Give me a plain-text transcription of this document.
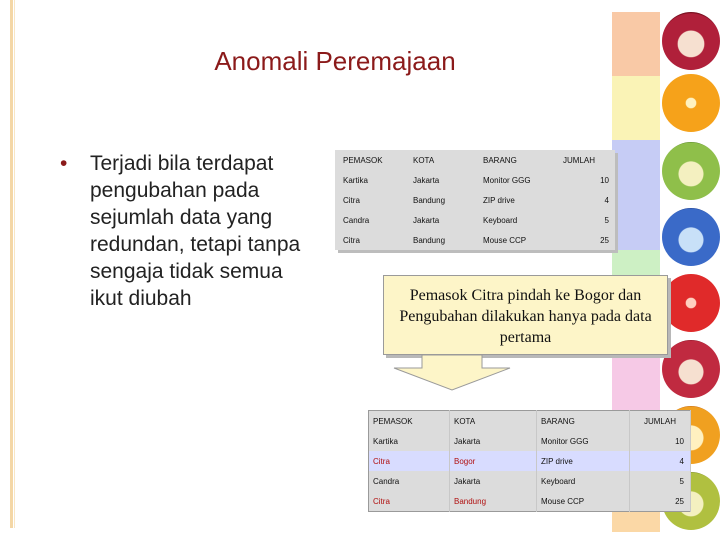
Anomali Peremajaan
• Terjadi bila terdapat pengubahan pada sejumlah data yang redundan, tetapi tanpa sengaja tidak semua ikut diubah
PEMASOK	KOTA	BARANG	JUMLAH
Kartika	Jakarta	Monitor GGG	10
Citra	Bandung	ZIP drive	4
Candra	Jakarta	Keyboard	5
Citra	Bandung	Mouse CCP	25
Pemasok Citra pindah ke Bogor dan Pengubahan dilakukan hanya pada data pertama
PEMASOK	KOTA	BARANG	JUMLAH
Kartika	Jakarta	Monitor GGG	10
Citra	Bogor	ZIP drive	4
Candra	Jakarta	Keyboard	5
Citra	Bandung	Mouse CCP	25
